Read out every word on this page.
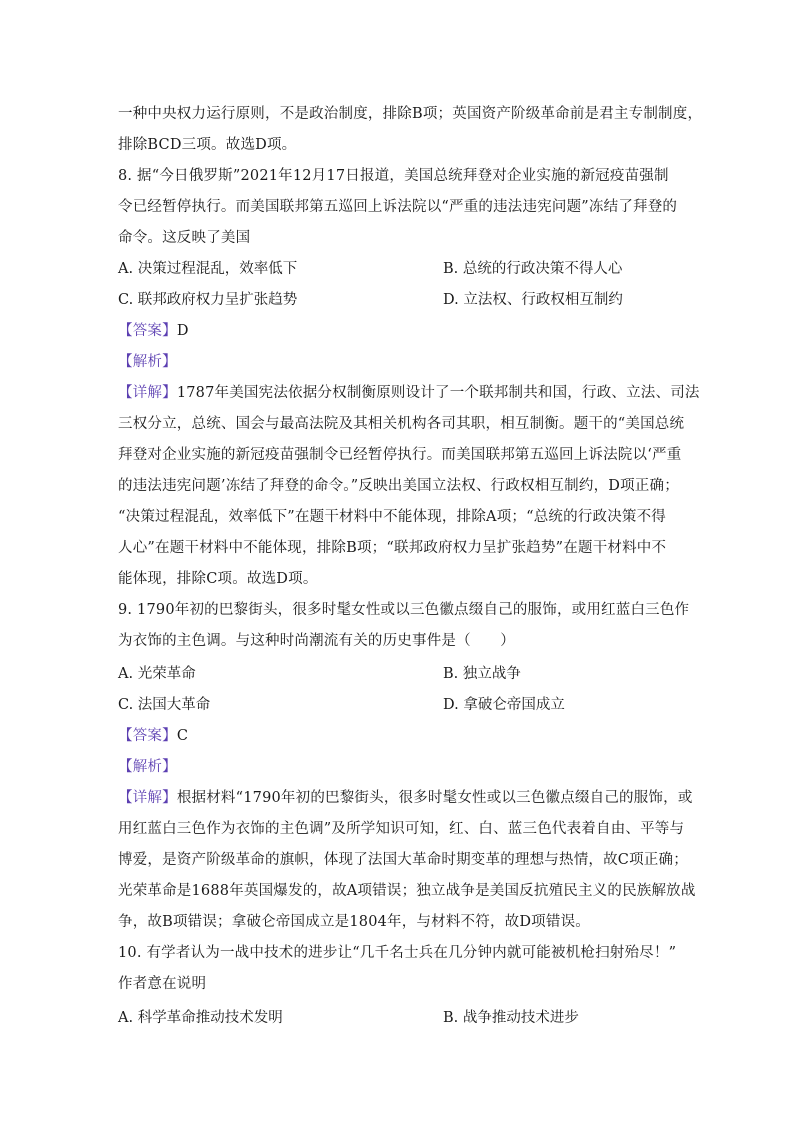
一种中央权力运行原则，不是政治制度，排除B项；英国资产阶级革命前是君主专制制度，

排除BCD三项。故选D项。

8. 据“今日俄罗斯”2021年12月17日报道，美国总统拜登对企业实施的新冠疫苗强制

令已经暂停执行。而美国联邦第五巡回上诉法院以“严重的违法违宪问题”冻结了拜登的

命令。这反映了美国

A. 决策过程混乱，效率低下	B. 总统的行政决策不得人心

C. 联邦政府权力呈扩张趋势	D. 立法权、行政权相互制约

【答案】D

【解析】

【详解】1787年美国宪法依据分权制衡原则设计了一个联邦制共和国，行政、立法、司法

三权分立，总统、国会与最高法院及其相关机构各司其职，相互制衡。题干的“美国总统

拜登对企业实施的新冠疫苗强制令已经暂停执行。而美国联邦第五巡回上诉法院以‘严重

的违法违宪问题’冻结了拜登的命令。”反映出美国立法权、行政权相互制约，D项正确；

“决策过程混乱，效率低下”在题干材料中不能体现，排除A项；“总统的行政决策不得

人心”在题干材料中不能体现，排除B项；“联邦政府权力呈扩张趋势”在题干材料中不

能体现，排除C项。故选D项。

9. 1790年初的巴黎街头，很多时髦女性或以三色徽点缀自己的服饰，或用红蓝白三色作

为衣饰的主色调。与这种时尚潮流有关的历史事件是（　　）

A. 光荣革命	B. 独立战争

C. 法国大革命	D. 拿破仑帝国成立

【答案】C

【解析】

【详解】根据材料“1790年初的巴黎街头，很多时髦女性或以三色徽点缀自己的服饰，或

用红蓝白三色作为衣饰的主色调”及所学知识可知，红、白、蓝三色代表着自由、平等与

博爱，是资产阶级革命的旗帜，体现了法国大革命时期变革的理想与热情，故C项正确；

光荣革命是1688年英国爆发的，故A项错误；独立战争是美国反抗殖民主义的民族解放战

争，故B项错误；拿破仑帝国成立是1804年，与材料不符，故D项错误。

10. 有学者认为一战中技术的进步让“几千名士兵在几分钟内就可能被机枪扫射殆尽！”

作者意在说明

A. 科学革命推动技术发明	B. 战争推动技术进步
